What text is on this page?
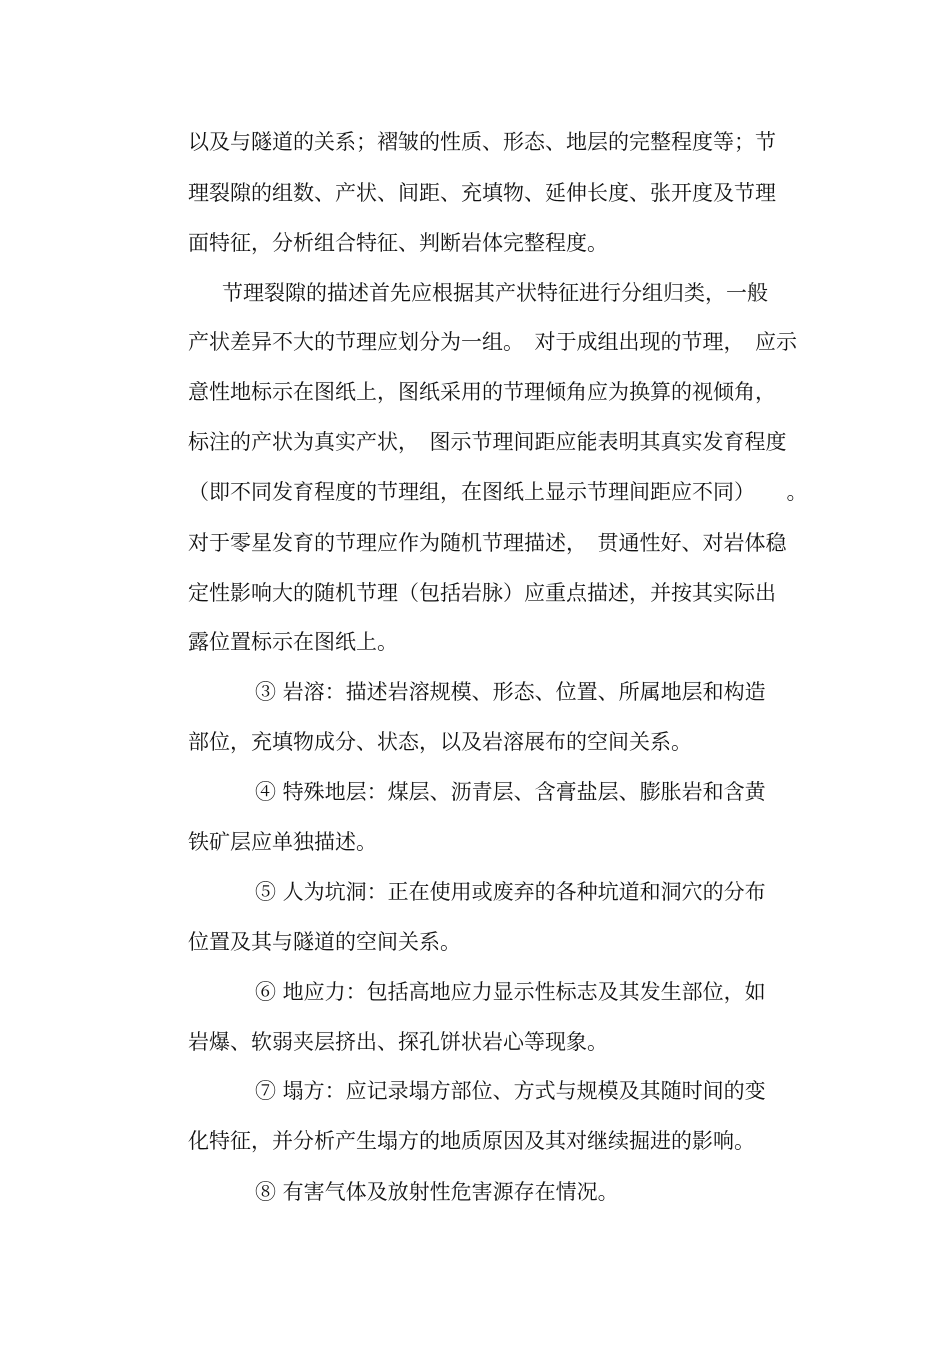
以及与隧道的关系；褶皱的性质、形态、地层的完整程度等；节
理裂隙的组数、产状、间距、充填物、延伸长度、张开度及节理
面特征，分析组合特征、判断岩体完整程度。
节理裂隙的描述首先应根据其产状特征进行分组归类，一般
产状差异不大的节理应划分为一组。　对于成组出现的节理，　应示
意性地标示在图纸上，图纸采用的节理倾角应为换算的视倾角，
标注的产状为真实产状，　图示节理间距应能表明其真实发育程度
（即不同发育程度的节理组，在图纸上显示节理间距应不同）　　。
对于零星发育的节理应作为随机节理描述，　贯通性好、对岩体稳
定性影响大的随机节理（包括岩脉）应重点描述，并按其实际出
露位置标示在图纸上。
③ 岩溶：描述岩溶规模、形态、位置、所属地层和构造
部位，充填物成分、状态，以及岩溶展布的空间关系。
④ 特殊地层：煤层、沥青层、含膏盐层、膨胀岩和含黄
铁矿层应单独描述。
⑤ 人为坑洞：正在使用或废弃的各种坑道和洞穴的分布
位置及其与隧道的空间关系。
⑥ 地应力：包括高地应力显示性标志及其发生部位，如
岩爆、软弱夹层挤出、探孔饼状岩心等现象。
⑦ 塌方：应记录塌方部位、方式与规模及其随时间的变
化特征，并分析产生塌方的地质原因及其对继续掘进的影响。
⑧ 有害气体及放射性危害源存在情况。
